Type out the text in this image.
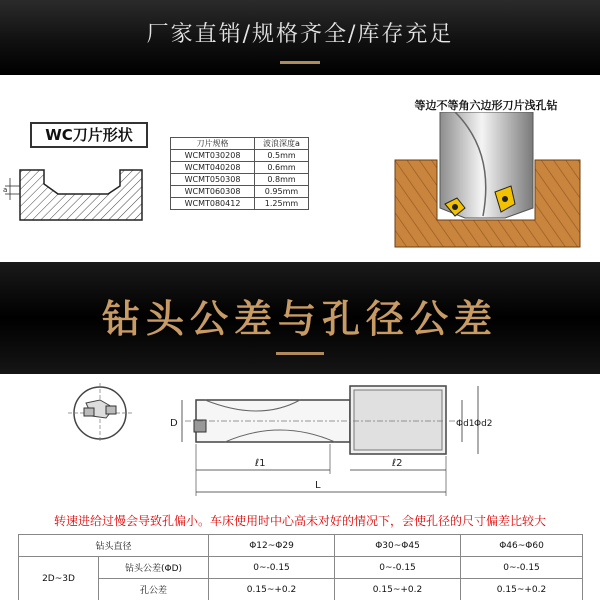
厂家直销/规格齐全/库存充足
WC刀片形状
a
刀片规格	波浪深度a
WCMT030208	0.5mm
WCMT040208	0.6mm
WCMT050308	0.8mm
WCMT060308	0.95mm
WCMT080412	1.25mm
等边不等角六边形刀片浅孔钻
钻头公差与孔径公差
D	Φd1 Φd2
ℓ1	ℓ2
L
转速进给过慢会导致孔偏小。车床使用时中心高未对好的情况下，会使孔径的尺寸偏差比较大
钻头直径		Φ12~Φ29	Φ30~Φ45	Φ46~Φ60
2D~3D	钻头公差(ΦD)	0~-0.15	0~-0.15	0~-0.15
	孔公差	0.15~+0.2	0.15~+0.2	0.15~+0.2
